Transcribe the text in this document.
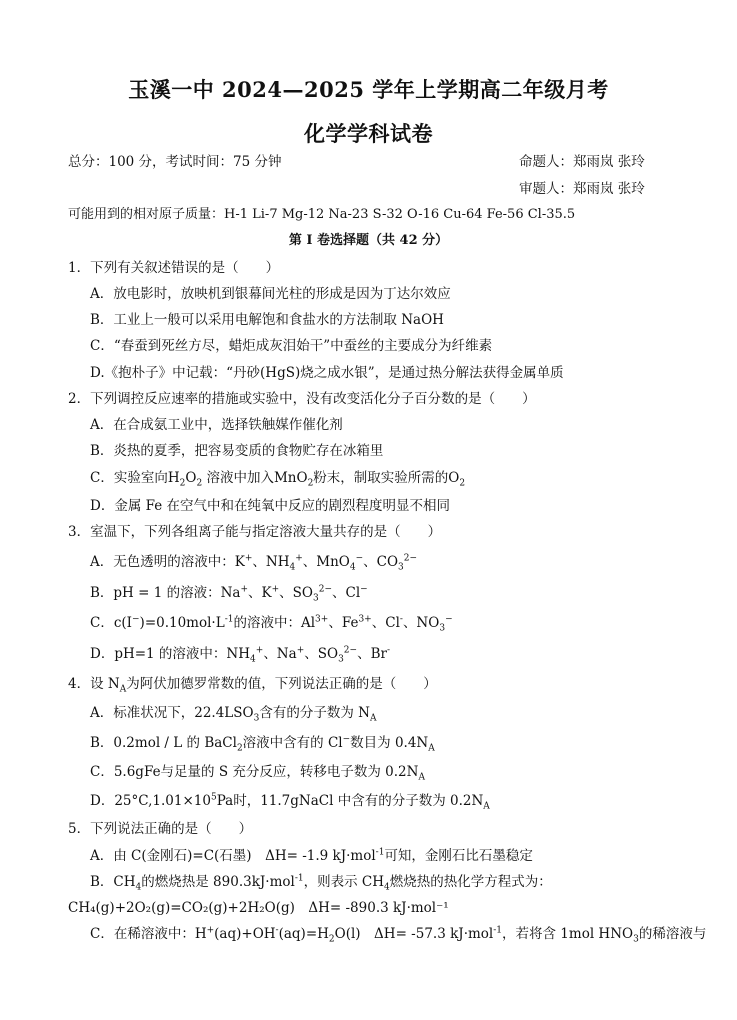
玉溪一中 2024—2025 学年上学期高二年级月考
化学学科试卷
总分：100 分，考试时间：75 分钟	命题人：郑雨岚 张玲
审题人：郑雨岚 张玲
可能用到的相对原子质量：H-1 Li-7 Mg-12 Na-23 S-32 O-16 Cu-64 Fe-56 Cl-35.5
第 I 卷选择题（共 42 分）
1．下列有关叙述错误的是（　　）
A．放电影时，放映机到银幕间光柱的形成是因为丁达尔效应
B．工业上一般可以采用电解饱和食盐水的方法制取 NaOH
C．“春蚕到死丝方尽，蜡炬成灰泪始干”中蚕丝的主要成分为纤维素
D.《抱朴子》中记载：“丹砂(HgS)烧之成水银”，是通过热分解法获得金属单质
2．下列调控反应速率的措施或实验中，没有改变活化分子百分数的是（　　）
A．在合成氨工业中，选择铁触媒作催化剂
B．炎热的夏季，把容易变质的食物贮存在冰箱里
C．实验室向$H_2O_2$ 溶液中加入MnO$_2$粉末，制取实验所需的$O_2$
D．金属 Fe 在空气中和在纯氧中反应的剧烈程度明显不相同
3．室温下，下列各组离子能与指定溶液大量共存的是（　　）
A．无色透明的溶液中：K+、$NH_4^+$、MnO$_4$−、$CO_3^{2-}$
B．pH = 1 的溶液：Na+、K+、$SO_3^{2-}$、Cl−
C．$c(I^-)=0.10mol\cdot L^{-1}$的溶液中：$Al^{3+}$、$Fe^{3+}$、Cl-、$NO_3^-$
D．pH=1 的溶液中：$NH_4^+$、Na+、$SO_3^{2-}$、Br-
4．设 $N_A$为阿伏加德罗常数的值，下列说法正确的是（　　）
A．标准状况下，$22.4LSO_3$含有的分子数为 $N_A$
B．0.2mol / L 的 BaCl$_2$溶液中含有的 Cl−数目为 $0.4N_A$
C．5.6gFe与足量的 S 充分反应，转移电子数为 $0.2N_A$
D．$25^\circ C,1.01\times 10^5Pa$时，11.7gNaCl 中含有的分子数为 $0.2N_A$
5．下列说法正确的是（　　）
A．由 C(金刚石)=C(石墨)　ΔH= -1.9 kJ·mol$^{-1}$可知，金刚石比石墨稳定
B．$CH_4$的燃烧热是 890.3kJ·mol$^{-1}$，则表示 $CH_4$燃烧热的热化学方程式为：
CH₄(g)+2O₂(g)=CO₂(g)+2H₂O(g)　ΔH= -890.3 kJ·mol⁻¹
C．在稀溶液中：$H^+(aq)+OH^-(aq)=H_2O(l)$　ΔH= -57.3 kJ·mol$^{-1}$，若将含 1mol $HNO_3$的稀溶液与
